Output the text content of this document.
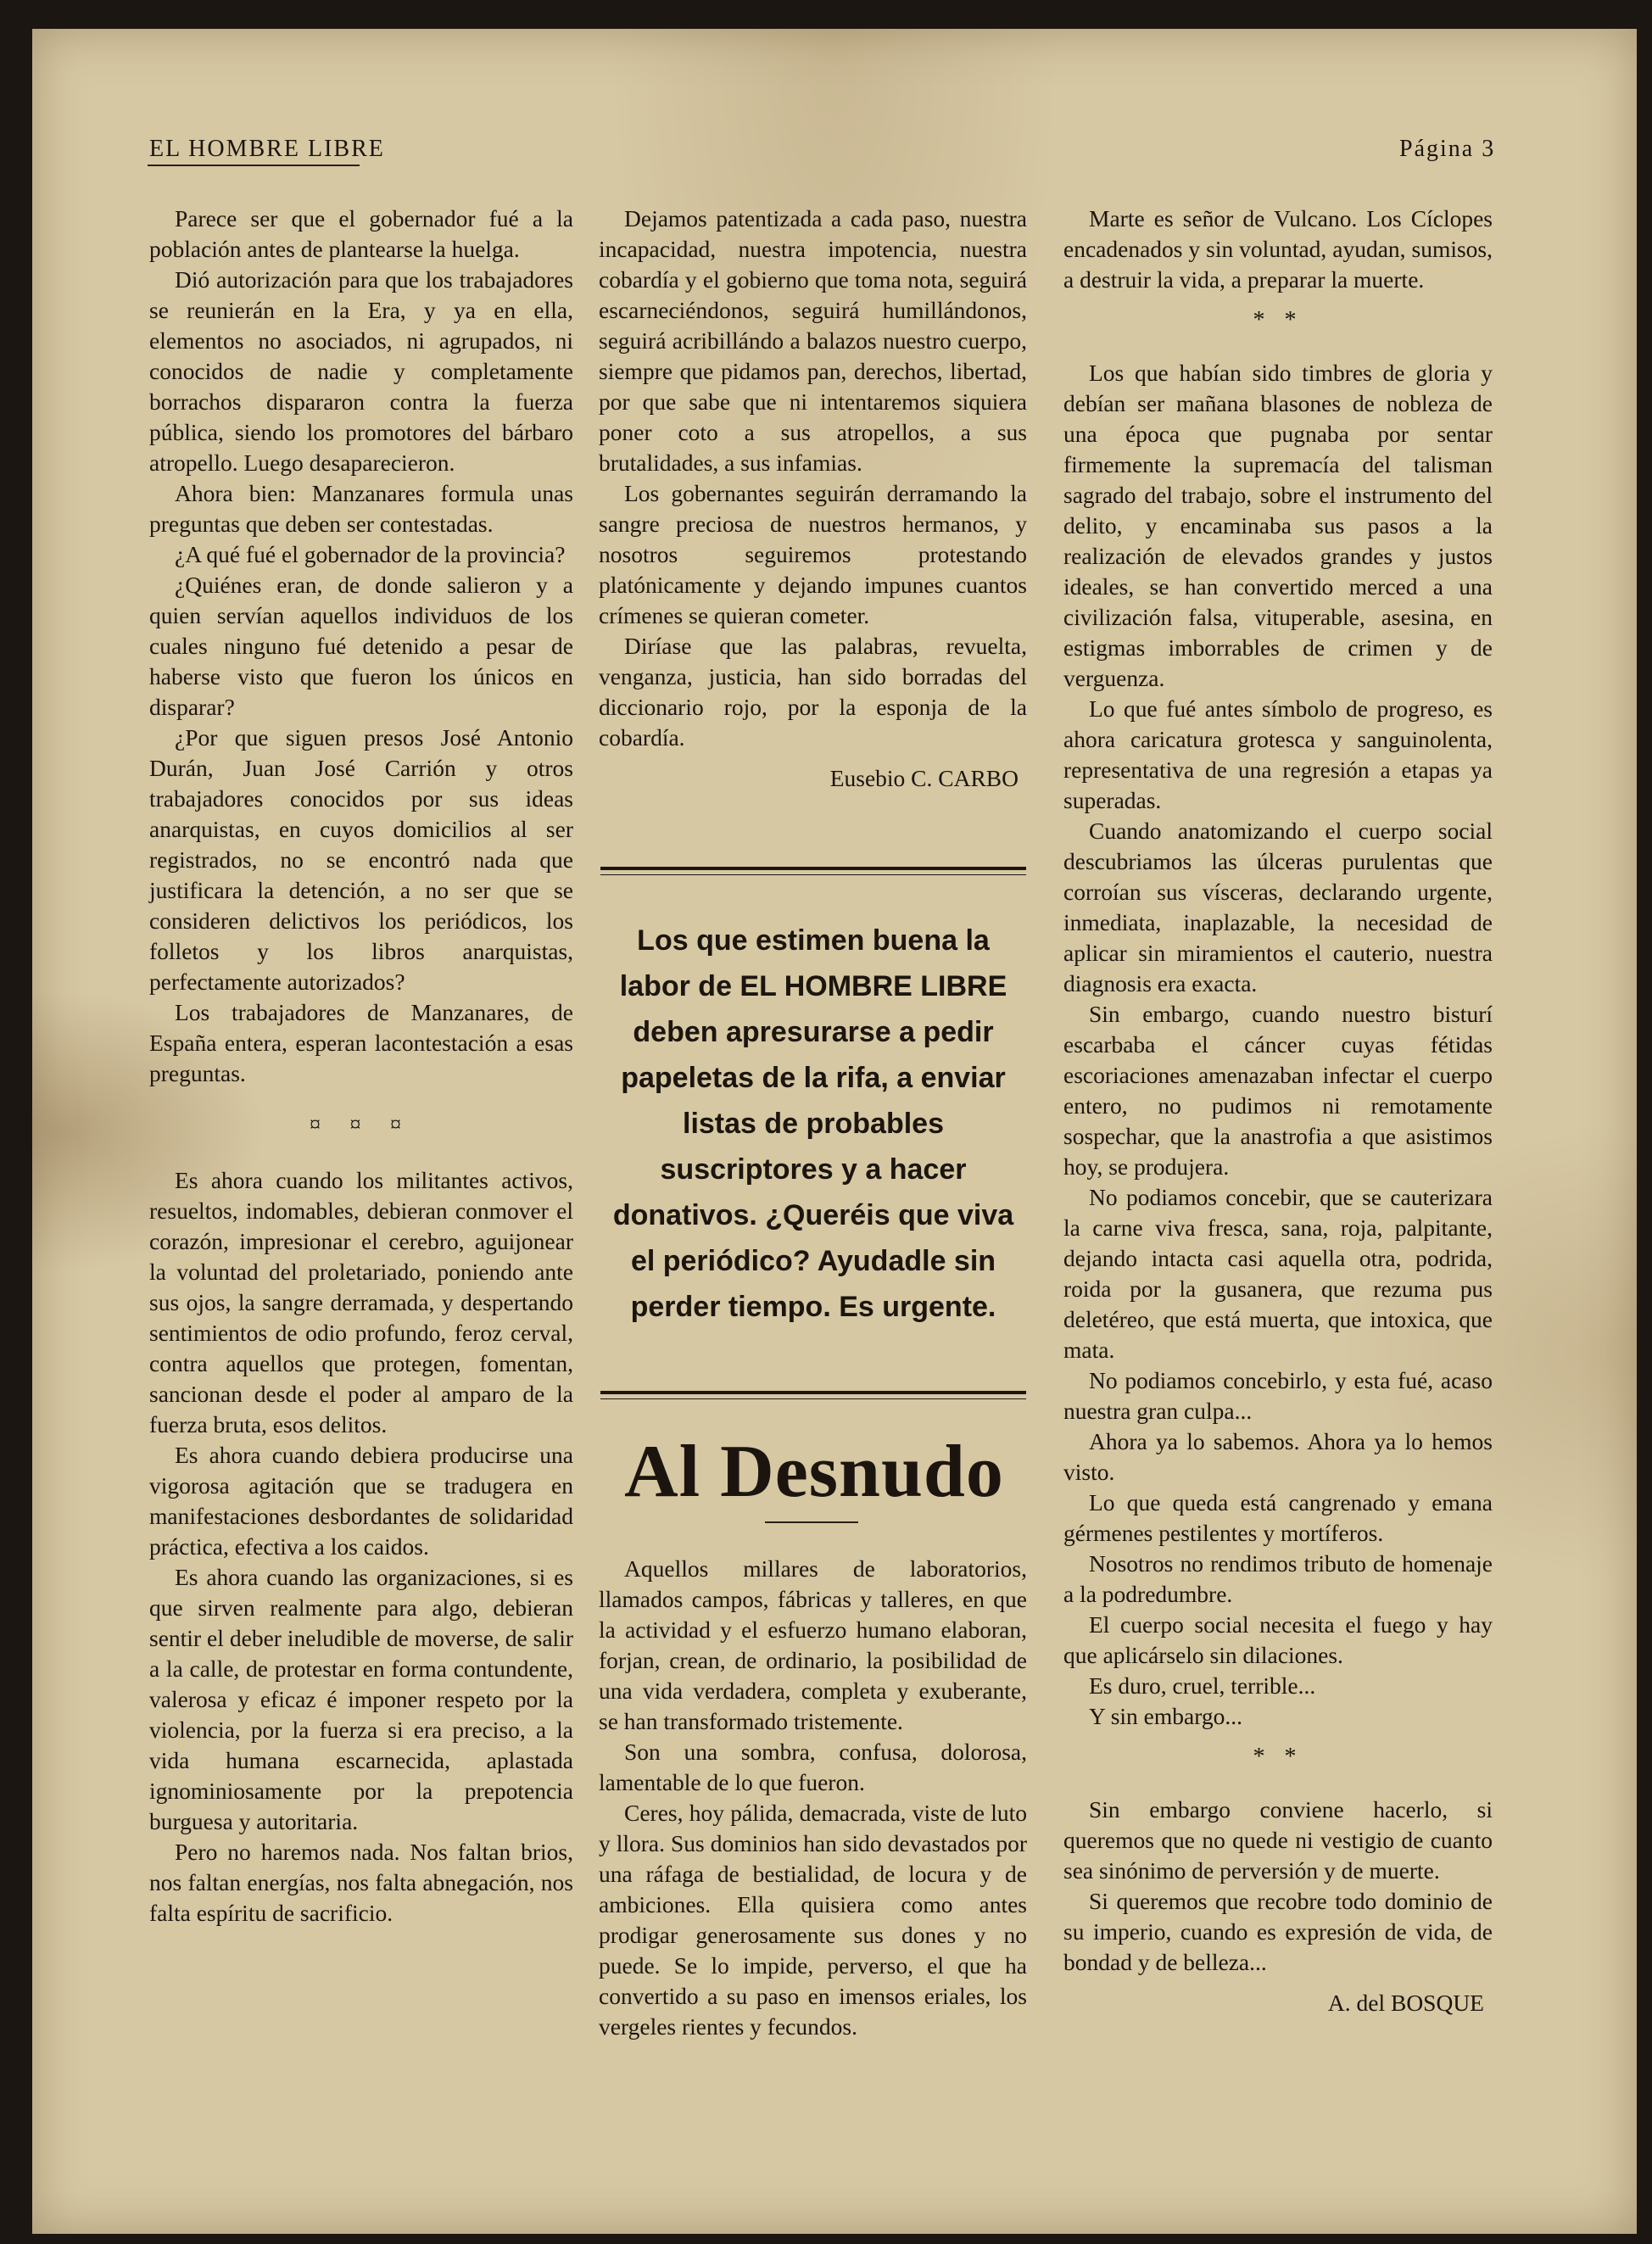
EL HOMBRE LIBRE	Página 3

Parece ser que el gobernador fué a la población antes de plantearse la huelga.

Dió autorización para que los trabajadores se reunierán en la Era, y ya en ella, elementos no asociados, ni agrupados, ni conocidos de nadie y completamente borrachos dispararon contra la fuerza pública, siendo los promotores del bárbaro atropello. Luego desaparecieron.

Ahora bien: Manzanares formula unas preguntas que deben ser contestadas.

¿A qué fué el gobernador de la provincia?

¿Quiénes eran, de donde salieron y a quien servían aquellos individuos de los cuales ninguno fué detenido a pesar de haberse visto que fueron los únicos en disparar?

¿Por que siguen presos José Antonio Durán, Juan José Carrión y otros trabajadores conocidos por sus ideas anarquistas, en cuyos domicilios al ser registrados, no se encontró nada que justificara la detención, a no ser que se consideren delictivos los periódicos, los folletos y los libros anarquistas, perfectamente autorizados?

Los trabajadores de Manzanares, de España entera, esperan lacontestación a esas preguntas.

¤ ¤ ¤

Es ahora cuando los militantes activos, resueltos, indomables, debieran conmover el corazón, impresionar el cerebro, aguijonear la voluntad del proletariado, poniendo ante sus ojos, la sangre derramada, y despertando sentimientos de odio profundo, feroz cerval, contra aquellos que protegen, fomentan, sancionan desde el poder al amparo de la fuerza bruta, esos delitos.

Es ahora cuando debiera producirse una vigorosa agitación que se tradugera en manifestaciones desbordantes de solidaridad práctica, efectiva a los caidos.

Es ahora cuando las organizaciones, si es que sirven realmente para algo, debieran sentir el deber ineludible de moverse, de salir a la calle, de protestar en forma contundente, valerosa y eficaz é imponer respeto por la violencia, por la fuerza si era preciso, a la vida humana escarnecida, aplastada ignominiosamente por la prepotencia burguesa y autoritaria.

Pero no haremos nada. Nos faltan brios, nos faltan energías, nos falta abnegación, nos falta espíritu de sacrificio.

Dejamos patentizada a cada paso, nuestra incapacidad, nuestra impotencia, nuestra cobardía y el gobierno que toma nota, seguirá escarneciéndonos, seguirá humillándonos, seguirá acribillándo a balazos nuestro cuerpo, siempre que pidamos pan, derechos, libertad, por que sabe que ni intentaremos siquiera poner coto a sus atropellos, a sus brutalidades, a sus infamias.

Los gobernantes seguirán derramando la sangre preciosa de nuestros hermanos, y nosotros seguiremos protestando platónicamente y dejando impunes cuantos crímenes se quieran cometer.

Diríase que las palabras, revuelta, venganza, justicia, han sido borradas del diccionario rojo, por la esponja de la cobardía.

Eusebio C. CARBO
Los que estimen buena la labor de EL HOMBRE LIBRE deben apresurarse a pedir papeletas de la rifa, a enviar listas de probables suscriptores y a hacer donativos. ¿Queréis que viva el periódico? Ayudadle sin perder tiempo. Es urgente.
Al Desnudo

Aquellos millares de laboratorios, llamados campos, fábricas y talleres, en que la actividad y el esfuerzo humano elaboran, forjan, crean, de ordinario, la posibilidad de una vida verdadera, completa y exuberante, se han transformado tristemente.

Son una sombra, confusa, dolorosa, lamentable de lo que fueron.

Ceres, hoy pálida, demacrada, viste de luto y llora. Sus dominios han sido devastados por una ráfaga de bestialidad, de locura y de ambiciones. Ella quisiera como antes prodigar generosamente sus dones y no puede. Se lo impide, perverso, el que ha convertido a su paso en imensos eriales, los vergeles rientes y fecundos.

Marte es señor de Vulcano. Los Cíclopes encadenados y sin voluntad, ayudan, sumisos, a destruir la vida, a preparar la muerte.

* *

Los que habían sido timbres de gloria y debían ser mañana blasones de nobleza de una época que pugnaba por sentar firmemente la supremacía del talisman sagrado del trabajo, sobre el instrumento del delito, y encaminaba sus pasos a la realización de elevados grandes y justos ideales, se han convertido merced a una civilización falsa, vituperable, asesina, en estigmas imborrables de crimen y de verguenza.

Lo que fué antes símbolo de progreso, es ahora caricatura grotesca y sanguinolenta, representativa de una regresión a etapas ya superadas.

Cuando anatomizando el cuerpo social descubriamos las úlceras purulentas que corroían sus vísceras, declarando urgente, inmediata, inaplazable, la necesidad de aplicar sin miramientos el cauterio, nuestra diagnosis era exacta.

Sin embargo, cuando nuestro bisturí escarbaba el cáncer cuyas fétidas escoriaciones amenazaban infectar el cuerpo entero, no pudimos ni remotamente sospechar, que la anastrofia a que asistimos hoy, se produjera.

No podiamos concebir, que se cauterizara la carne viva fresca, sana, roja, palpitante, dejando intacta casi aquella otra, podrida, roida por la gusanera, que rezuma pus deletéreo, que está muerta, que intoxica, que mata.

No podiamos concebirlo, y esta fué, acaso nuestra gran culpa...

Ahora ya lo sabemos. Ahora ya lo hemos visto.

Lo que queda está cangrenado y emana gérmenes pestilentes y mortíferos.

Nosotros no rendimos tributo de homenaje a la podredumbre.

El cuerpo social necesita el fuego y hay que aplicárselo sin dilaciones.

Es duro, cruel, terrible...

Y sin embargo...

* *

Sin embargo conviene hacerlo, si queremos que no quede ni vestigio de cuanto sea sinónimo de perversión y de muerte.

Si queremos que recobre todo dominio de su imperio, cuando es expresión de vida, de bondad y de belleza...

A. del BOSQUE
